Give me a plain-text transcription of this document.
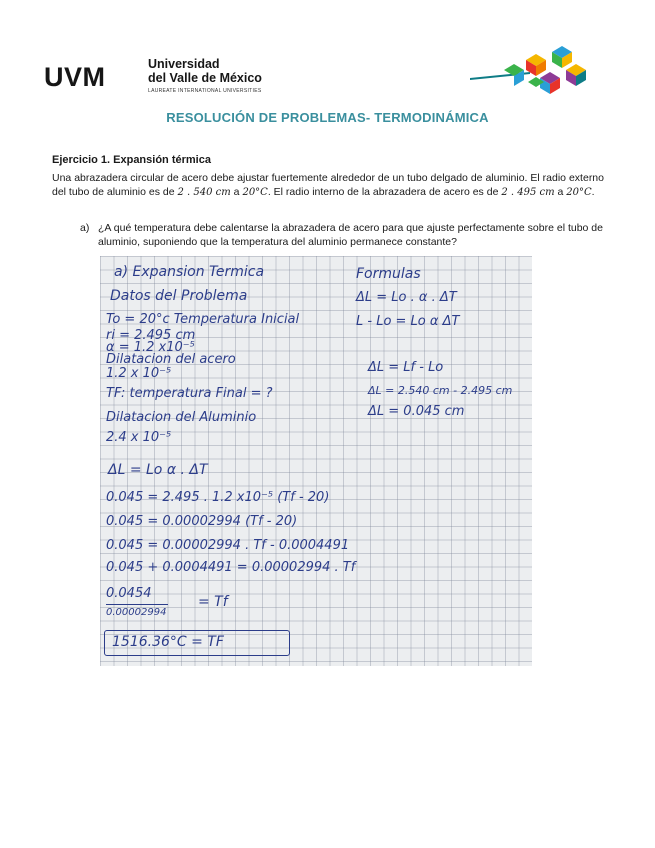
UVM	Universidad
del Valle de México
LAUREATE INTERNATIONAL UNIVERSITIES
RESOLUCIÓN DE PROBLEMAS- TERMODINÁMICA
Ejercicio 1. Expansión térmica
Una abrazadera circular de acero debe ajustar fuertemente alrededor de un tubo delgado de aluminio. El radio externo del tubo de aluminio es de 2 . 540 cm a 20°C. El radio interno de la abrazadera de acero es de 2 . 495 cm a 20°C.
a) ¿A qué temperatura debe calentarse la abrazadera de acero para que ajuste perfectamente sobre el tubo de aluminio, suponiendo que la temperatura del aluminio permanece constante?
a) Expansion Termica
Datos del Problema
To = 20°c Temperatura Inicial
ri = 2.495 cm
α = 1.2 x10⁻⁵
Dilatacion del acero
1.2 x 10⁻⁵
TF: temperatura Final = ?
Dilatacion del Aluminio
2.4 x 10⁻⁵
Formulas
ΔL = Lo . α . ΔT
L - Lo = Lo α ΔT
ΔL = Lf - Lo
ΔL = 2.540 cm - 2.495 cm
ΔL = 0.045 cm
ΔL = Lo α . ΔT
0.045 = 2.495 . 1.2 x10⁻⁵ (Tf - 20)
0.045 = 0.00002994 (Tf - 20)
0.045 = 0.00002994 . Tf - 0.0004491
0.045 + 0.0004491 = 0.00002994 . Tf
0.0454
0.00002994
= Tf
1516.36°C = TF
